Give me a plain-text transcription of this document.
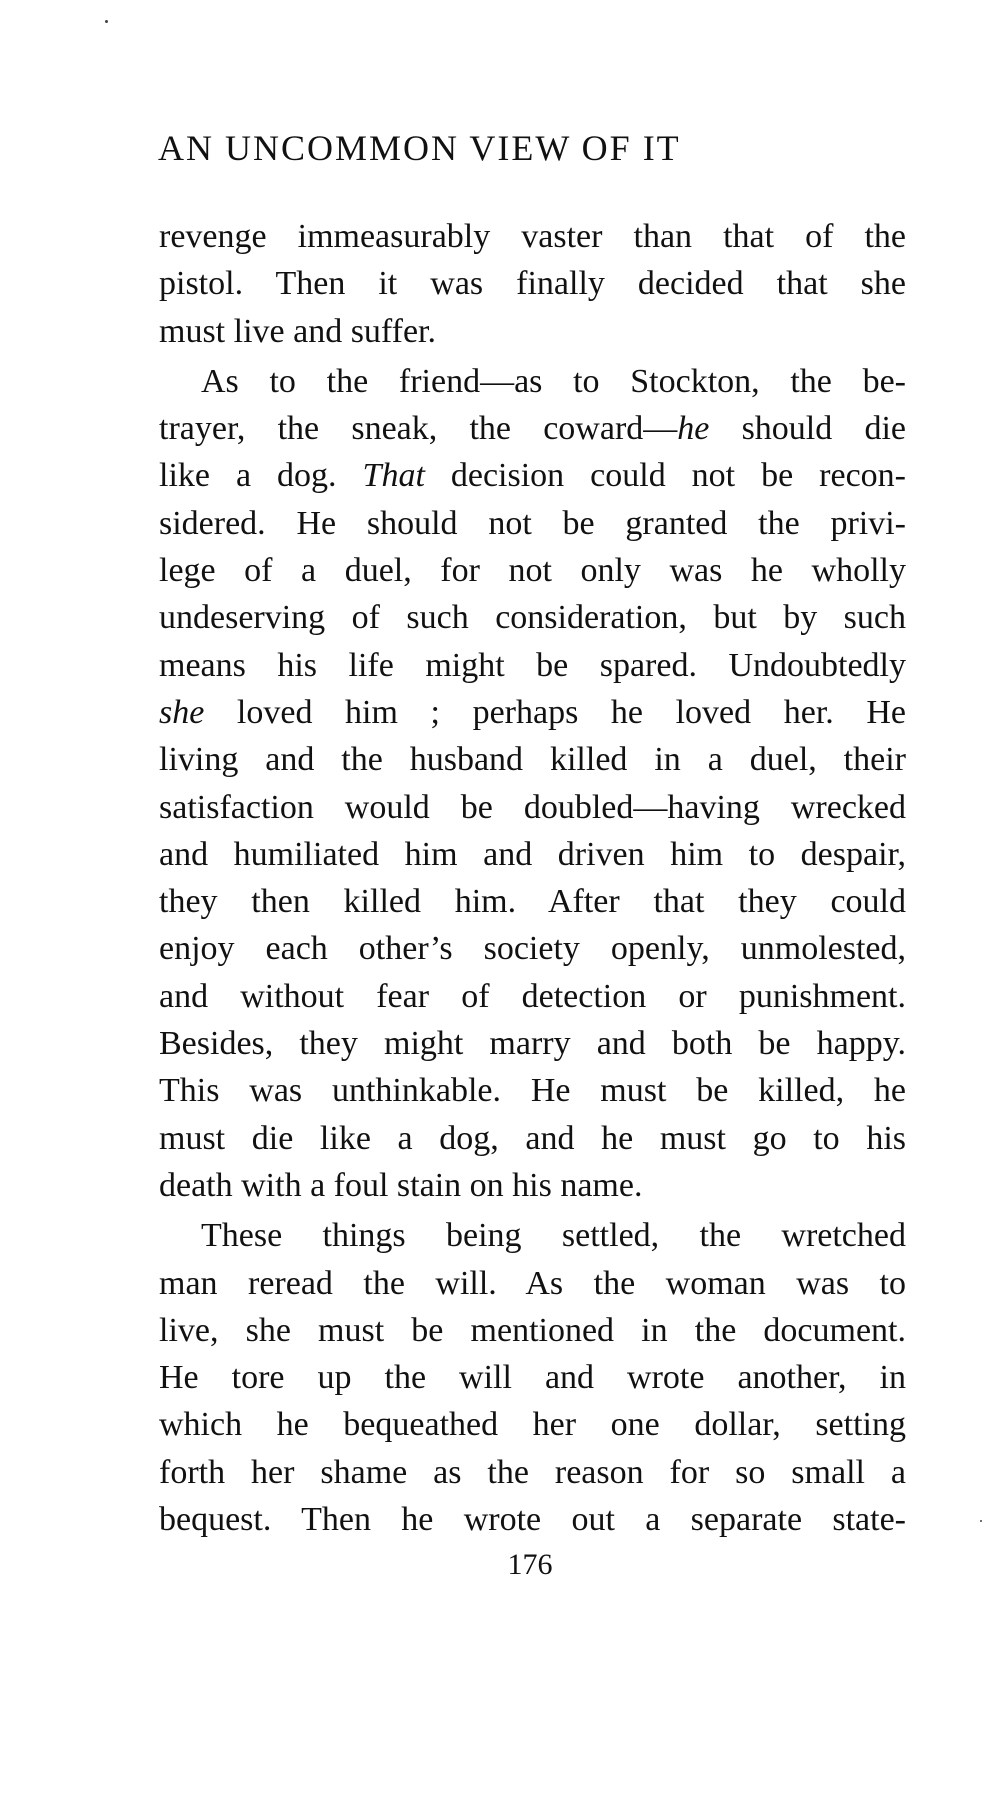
AN UNCOMMON VIEW OF IT
revenge immeasurably vaster than that of the
pistol. Then it was finally decided that she
must live and suffer.
As to the friend—as to Stockton, the be-
trayer, the sneak, the coward—he should die
like a dog. That decision could not be recon-
sidered. He should not be granted the privi-
lege of a duel, for not only was he wholly
undeserving of such consideration, but by such
means his life might be spared. Undoubtedly
she loved him ; perhaps he loved her. He
living and the husband killed in a duel, their
satisfaction would be doubled—having wrecked
and humiliated him and driven him to despair,
they then killed him. After that they could
enjoy each other’s society openly, unmolested,
and without fear of detection or punishment.
Besides, they might marry and both be happy.
This was unthinkable. He must be killed, he
must die like a dog, and he must go to his
death with a foul stain on his name.
These things being settled, the wretched
man reread the will. As the woman was to
live, she must be mentioned in the document.
He tore up the will and wrote another, in
which he bequeathed her one dollar, setting
forth her shame as the reason for so small a
bequest. Then he wrote out a separate state-
176
